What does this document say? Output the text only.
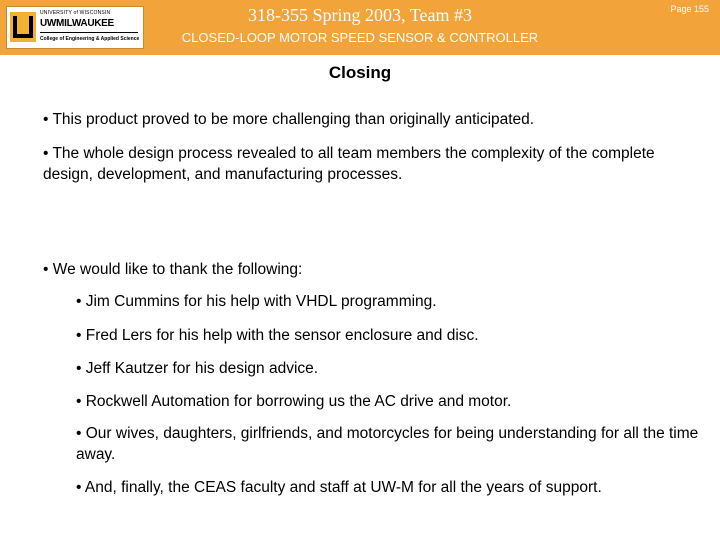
UNIVERSITY of WISCONSIN
UWMILWAUKEE
College of Engineering & Applied Science
318-355 Spring 2003, Team #3	Page 155
CLOSED-LOOP MOTOR SPEED SENSOR & CONTROLLER
Closing
• This product proved to be more challenging than originally anticipated.
• The whole design process revealed to all team members the complexity of the complete design, development, and manufacturing processes.
• We would like to thank the following:
• Jim Cummins for his help with VHDL programming.
• Fred Lers for his help with the sensor enclosure and disc.
• Jeff Kautzer for his design advice.
• Rockwell Automation for borrowing us the AC drive and motor.
• Our wives, daughters, girlfriends, and motorcycles for being understanding for all the time away.
• And, finally, the CEAS faculty and staff at UW-M for all the years of support.
